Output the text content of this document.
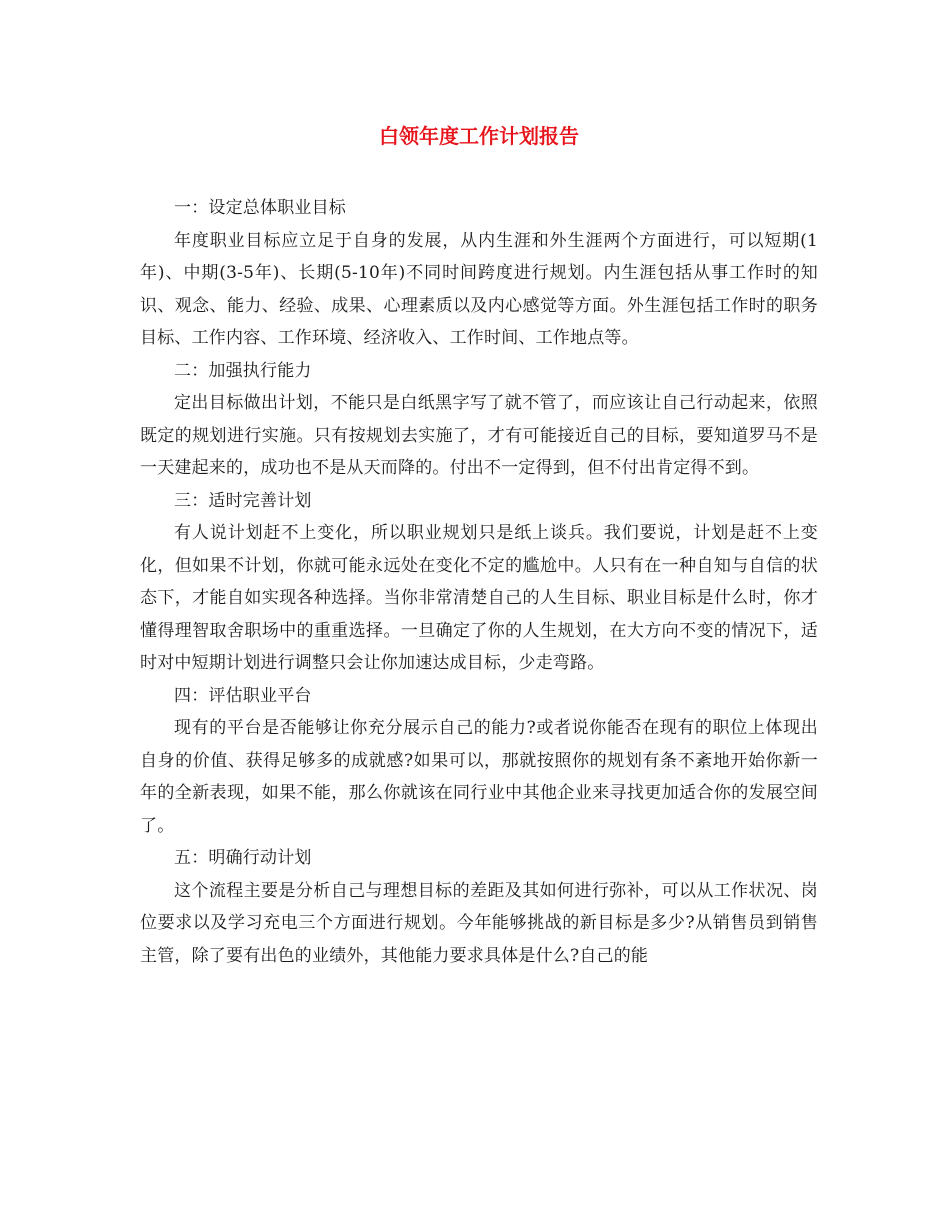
白领年度工作计划报告

一：设定总体职业目标

年度职业目标应立足于自身的发展，从内生涯和外生涯两个方面进行，可以短期(1年)、中期(3-5年)、长期(5-10年)不同时间跨度进行规划。内生涯包括从事工作时的知识、观念、能力、经验、成果、心理素质以及内心感觉等方面。外生涯包括工作时的职务目标、工作内容、工作环境、经济收入、工作时间、工作地点等。

二：加强执行能力

定出目标做出计划，不能只是白纸黑字写了就不管了，而应该让自己行动起来，依照既定的规划进行实施。只有按规划去实施了，才有可能接近自己的目标，要知道罗马不是一天建起来的，成功也不是从天而降的。付出不一定得到，但不付出肯定得不到。

三：适时完善计划

有人说计划赶不上变化，所以职业规划只是纸上谈兵。我们要说，计划是赶不上变化，但如果不计划，你就可能永远处在变化不定的尴尬中。人只有在一种自知与自信的状态下，才能自如实现各种选择。当你非常清楚自己的人生目标、职业目标是什么时，你才懂得理智取舍职场中的重重选择。一旦确定了你的人生规划，在大方向不变的情况下，适时对中短期计划进行调整只会让你加速达成目标，少走弯路。

四：评估职业平台

现有的平台是否能够让你充分展示自己的能力?或者说你能否在现有的职位上体现出自身的价值、获得足够多的成就感?如果可以，那就按照你的规划有条不紊地开始你新一年的全新表现，如果不能，那么你就该在同行业中其他企业来寻找更加适合你的发展空间了。

五：明确行动计划

这个流程主要是分析自己与理想目标的差距及其如何进行弥补，可以从工作状况、岗位要求以及学习充电三个方面进行规划。今年能够挑战的新目标是多少?从销售员到销售主管，除了要有出色的业绩外，其他能力要求具体是什么?自己的能
